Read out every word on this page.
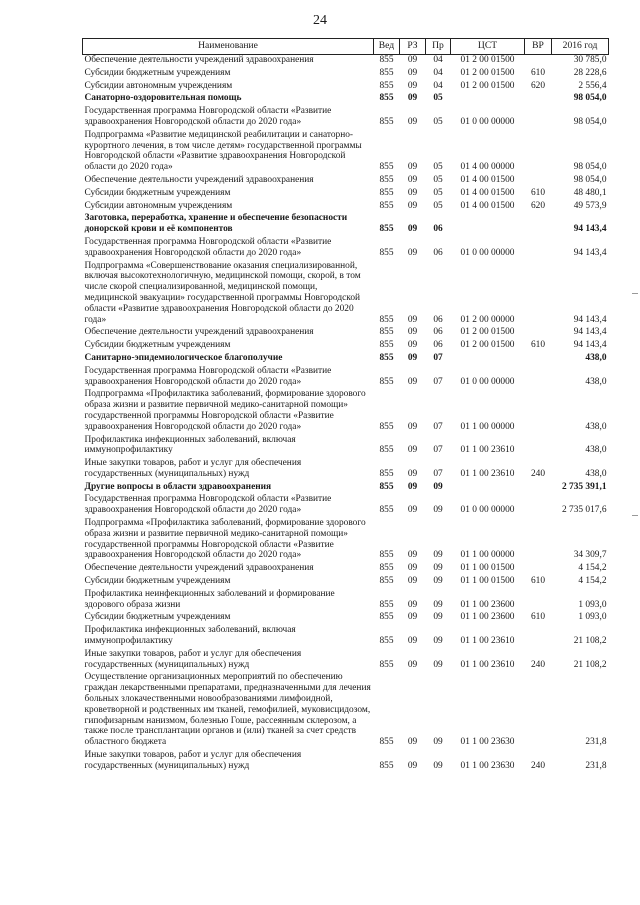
24
Наименование	Вед	РЗ	Пр	ЦСТ	ВР	2016 год
Обеспечение деятельности учреждений здравоохранения	855	09	04	01 2 00 01500		30 785,0
Субсидии бюджетным учреждениям	855	09	04	01 2 00 01500	610	28 228,6
Субсидии автономным учреждениям	855	09	04	01 2 00 01500	620	2 556,4
Санаторно-оздоровительная помощь	855	09	05			98 054,0
Государственная программа Новгородской области «Развитие здравоохранения Новгородской области до 2020 года»	855	09	05	01 0 00 00000		98 054,0
Подпрограмма «Развитие медицинской реабилитации и санаторно-курортного лечения, в том числе детям» государственной программы Новгородской области «Развитие здравоохранения Новгородской области до 2020 года»	855	09	05	01 4 00 00000		98 054,0
Обеспечение деятельности учреждений здравоохранения	855	09	05	01 4 00 01500		98 054,0
Субсидии бюджетным учреждениям	855	09	05	01 4 00 01500	610	48 480,1
Субсидии автономным учреждениям	855	09	05	01 4 00 01500	620	49 573,9
Заготовка, переработка, хранение и обеспечение безопасности донорской крови и её компонентов	855	09	06			94 143,4
Государственная программа Новгородской области «Развитие здравоохранения Новгородской области до 2020 года»	855	09	06	01 0 00 00000		94 143,4
Подпрограмма «Совершенствование оказания специализированной, включая высокотехнологичную, медицинской помощи, скорой, в том числе скорой специализированной, медицинской помощи, медицинской эвакуации» государственной программы Новгородской области «Развитие здравоохранения Новгородской области до 2020 года»	855	09	06	01 2 00 00000		94 143,4
Обеспечение деятельности учреждений здравоохранения	855	09	06	01 2 00 01500		94 143,4
Субсидии бюджетным учреждениям	855	09	06	01 2 00 01500	610	94 143,4
Санитарно-эпидемиологическое благополучие	855	09	07			438,0
Государственная программа Новгородской области «Развитие здравоохранения Новгородской области до 2020 года»	855	09	07	01 0 00 00000		438,0
Подпрограмма «Профилактика заболеваний, формирование здорового образа жизни и развитие первичной медико-санитарной помощи» государственной программы Новгородской области «Развитие здравоохранения Новгородской области до 2020 года»	855	09	07	01 1 00 00000		438,0
Профилактика инфекционных заболеваний, включая иммунопрофилактику	855	09	07	01 1 00 23610		438,0
Иные закупки товаров, работ и услуг для обеспечения государственных (муниципальных) нужд	855	09	07	01 1 00 23610	240	438,0
Другие вопросы в области здравоохранения	855	09	09			2 735 391,1
Государственная программа Новгородской области «Развитие здравоохранения Новгородской области до 2020 года»	855	09	09	01 0 00 00000		2 735 017,6
Подпрограмма «Профилактика заболеваний, формирование здорового образа жизни и развитие первичной медико-санитарной помощи» государственной программы Новгородской области «Развитие здравоохранения Новгородской области до 2020 года»	855	09	09	01 1 00 00000		34 309,7
Обеспечение деятельности учреждений здравоохранения	855	09	09	01 1 00 01500		4 154,2
Субсидии бюджетным учреждениям	855	09	09	01 1 00 01500	610	4 154,2
Профилактика неинфекционных заболеваний и формирование здорового образа жизни	855	09	09	01 1 00 23600		1 093,0
Субсидии бюджетным учреждениям	855	09	09	01 1 00 23600	610	1 093,0
Профилактика инфекционных заболеваний, включая иммунопрофилактику	855	09	09	01 1 00 23610		21 108,2
Иные закупки товаров, работ и услуг для обеспечения государственных (муниципальных) нужд	855	09	09	01 1 00 23610	240	21 108,2
Осуществление организационных мероприятий по обеспечению граждан лекарственными препаратами, предназначенными для лечения больных злокачественными новообразованиями лимфоидной, кроветворной и родственных им тканей, гемофилией, муковисцидозом, гипофизарным нанизмом, болезнью Гоше, рассеянным склерозом, а также после трансплантации органов и (или) тканей за счет средств областного бюджета	855	09	09	01 1 00 23630		231,8
Иные закупки товаров, работ и услуг для обеспечения государственных (муниципальных) нужд	855	09	09	01 1 00 23630	240	231,8
